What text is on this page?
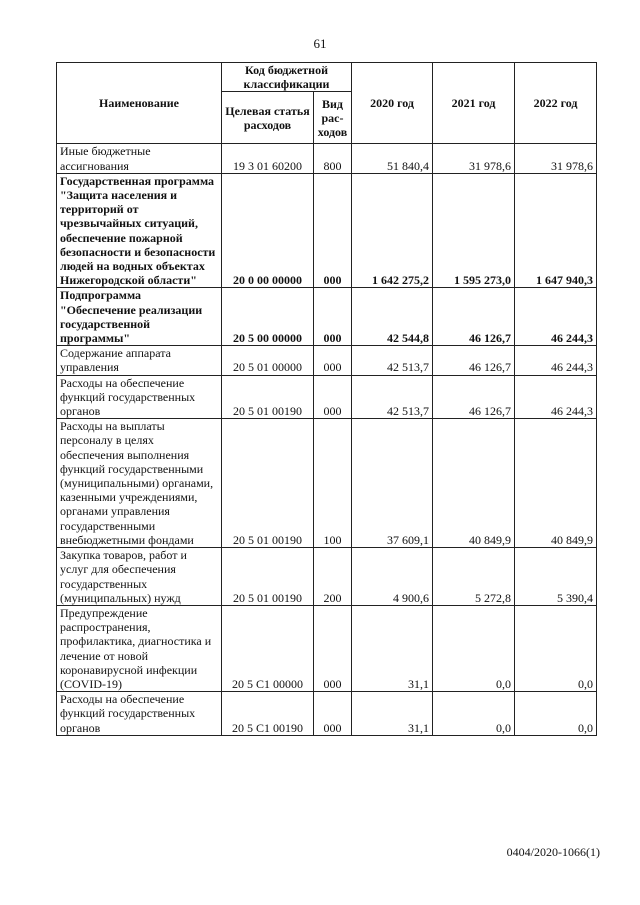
61
Наименование	Код бюджетной классификации		2020 год	2021 год	2022 год
	Целевая статья расходов	Вид рас-ходов			
Иные бюджетные ассигнования	19 3 01 60200	800	51 840,4	31 978,6	31 978,6
Государственная программа "Защита населения и территорий от чрезвычайных ситуаций, обеспечение пожарной безопасности и безопасности людей на водных объектах Нижегородской области"	20 0 00 00000	000	1 642 275,2	1 595 273,0	1 647 940,3
Подпрограмма "Обеспечение реализации государственной программы"	20 5 00 00000	000	42 544,8	46 126,7	46 244,3
Содержание аппарата управления	20 5 01 00000	000	42 513,7	46 126,7	46 244,3
Расходы на обеспечение функций государственных органов	20 5 01 00190	000	42 513,7	46 126,7	46 244,3
Расходы на выплаты персоналу в целях обеспечения выполнения функций государственными (муниципальными) органами, казенными учреждениями, органами управления государственными внебюджетными фондами	20 5 01 00190	100	37 609,1	40 849,9	40 849,9
Закупка товаров, работ и услуг для обеспечения государственных (муниципальных) нужд	20 5 01 00190	200	4 900,6	5 272,8	5 390,4
Предупреждение распространения, профилактика, диагностика и лечение от новой коронавирусной инфекции (COVID-19)	20 5 C1 00000	000	31,1	0,0	0,0
Расходы на обеспечение функций государственных органов	20 5 C1 00190	000	31,1	0,0	0,0
0404/2020-1066(1)
